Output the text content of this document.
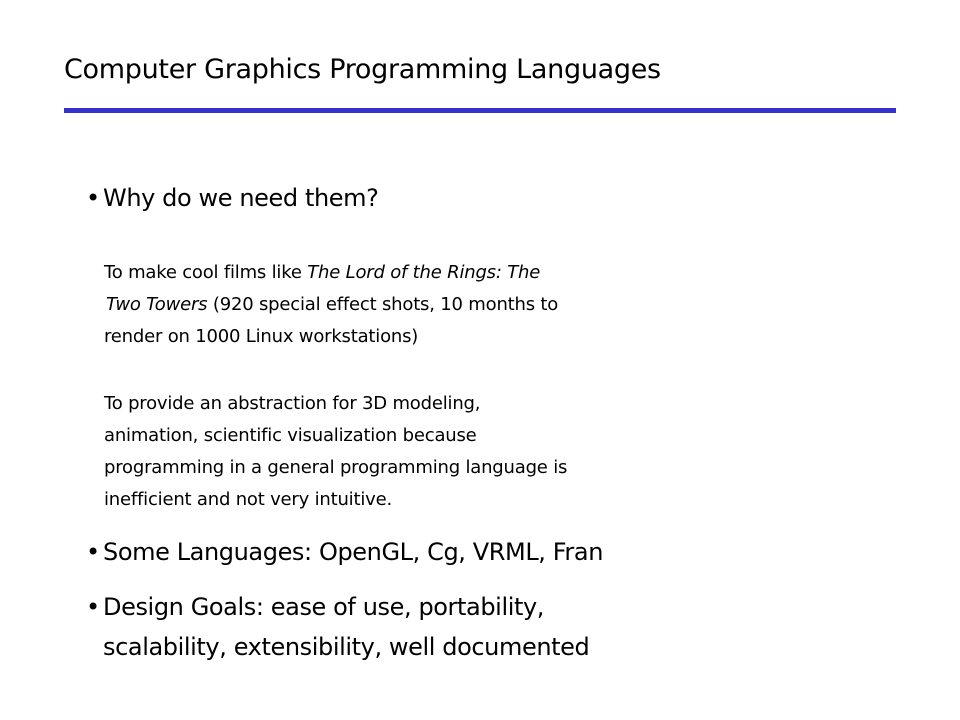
Computer Graphics Programming Languages
• Why do we need them?
To make cool films like The Lord of the Rings: The
Two Towers (920 special effect shots, 10 months to
render on 1000 Linux workstations)
To provide an abstraction for 3D modeling,
animation, scientific visualization because
programming in a general programming language is
inefficient and not very intuitive.
• Some Languages: OpenGL, Cg, VRML, Fran
• Design Goals: ease of use, portability,
scalability, extensibility, well documented
